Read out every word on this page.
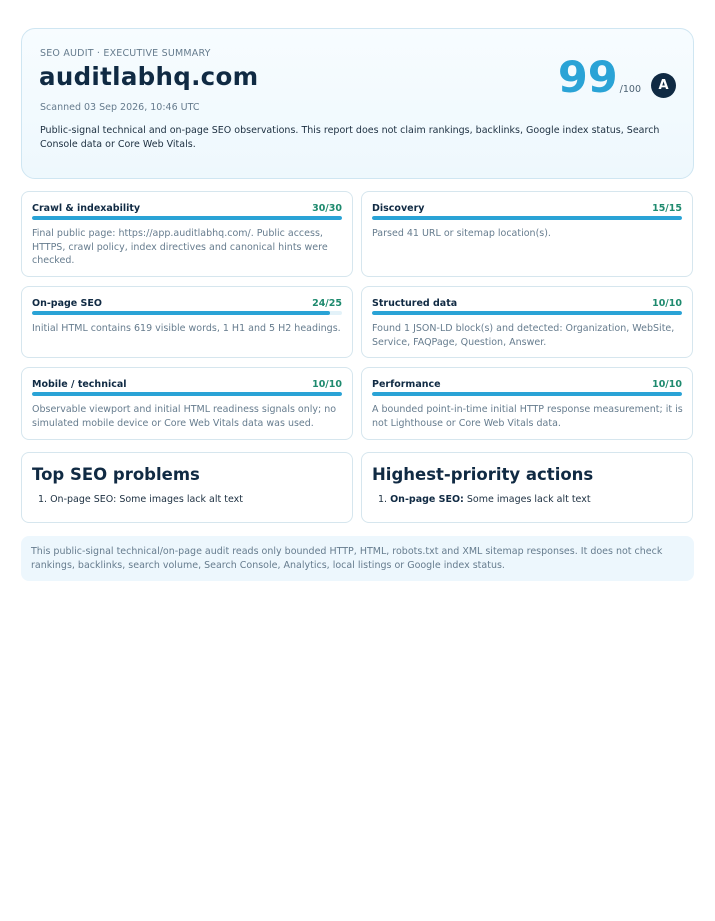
SEO AUDIT · EXECUTIVE SUMMARY
auditlabhq.com
Scanned 03 Sep 2026, 10:46 UTC
Public-signal technical and on-page SEO observations. This report does not claim rankings, backlinks, Google index status, Search Console data or Core Web Vitals.
99 /100	A
Crawl & indexability	30/30
Final public page: https://app.auditlabhq.com/. Public access, HTTPS, crawl policy, index directives and canonical hints were checked.
Discovery	15/15
Parsed 41 URL or sitemap location(s).
On-page SEO	24/25
Initial HTML contains 619 visible words, 1 H1 and 5 H2 headings.
Structured data	10/10
Found 1 JSON-LD block(s) and detected: Organization, WebSite, Service, FAQPage, Question, Answer.
Mobile / technical	10/10
Observable viewport and initial HTML readiness signals only; no simulated mobile device or Core Web Vitals data was used.
Performance	10/10
A bounded point-in-time initial HTTP response measurement; it is not Lighthouse or Core Web Vitals data.
Top SEO problems
1. On-page SEO: Some images lack alt text
Highest-priority actions
1. On-page SEO: Some images lack alt text
This public-signal technical/on-page audit reads only bounded HTTP, HTML, robots.txt and XML sitemap responses. It does not check rankings, backlinks, search volume, Search Console, Analytics, local listings or Google index status.
